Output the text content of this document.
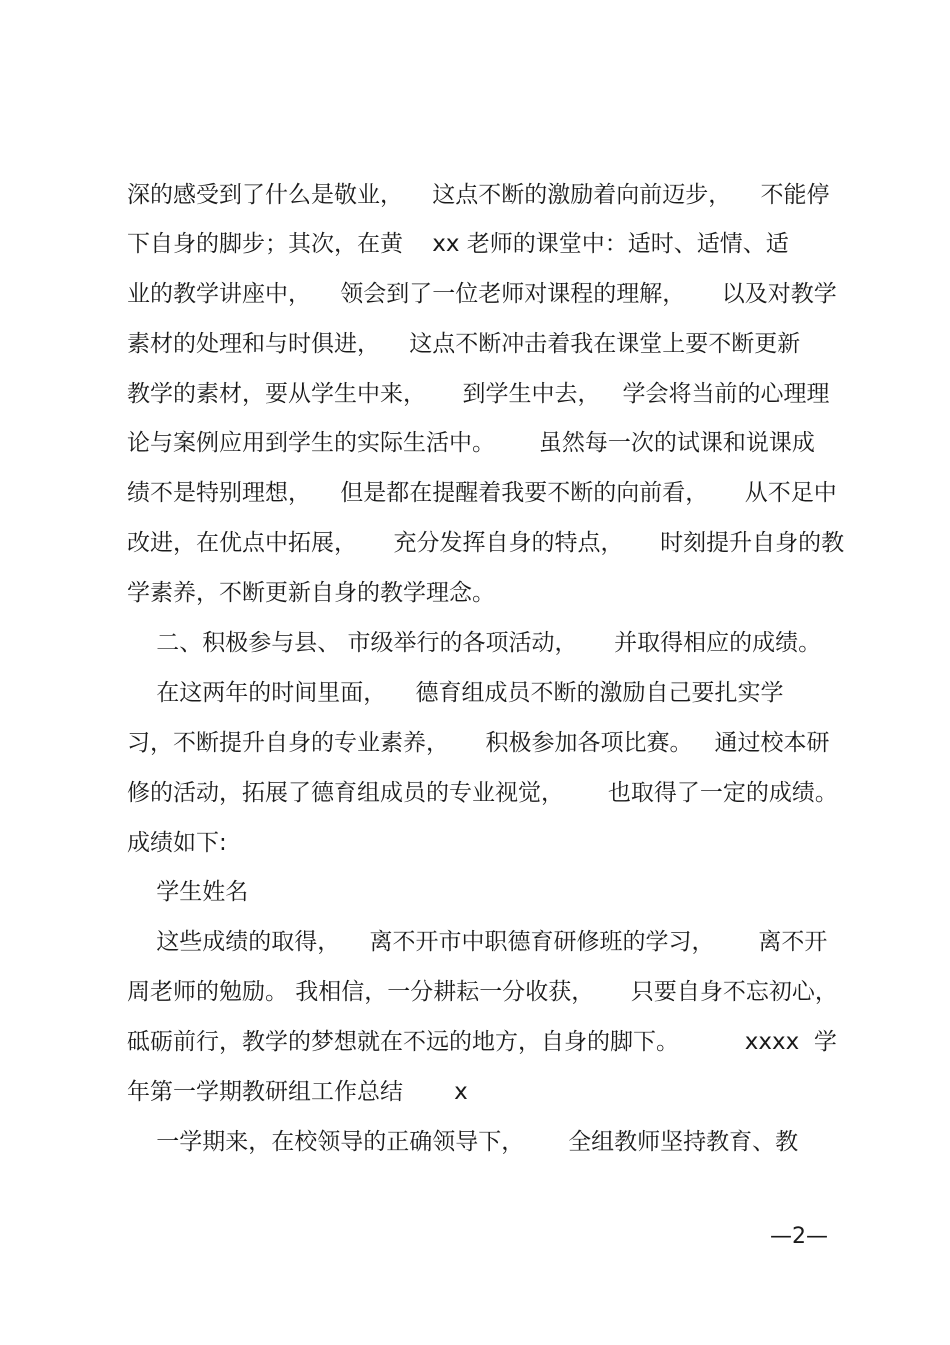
深的感受到了什么是敬业，    这点不断的激励着向前迈步，    不能停
下自身的脚步；其次，在黄    xx 老师的课堂中：适时、适情、适
业的教学讲座中，    领会到了一位老师对课程的理解，     以及对教学
素材的处理和与时俱进，    这点不断冲击着我在课堂上要不断更新
教学的素材，要从学生中来，     到学生中去，   学会将当前的心理理
论与案例应用到学生的实际生活中。      虽然每一次的试课和说课成
绩不是特别理想，    但是都在提醒着我要不断的向前看，     从不足中
改进，在优点中拓展，     充分发挥自身的特点，     时刻提升自身的教
学素养，不断更新自身的教学理念。
二、积极参与县、 市级举行的各项活动，     并取得相应的成绩。
在这两年的时间里面，    德育组成员不断的激励自己要扎实学
习，不断提升自身的专业素养，     积极参加各项比赛。   通过校本研
修的活动，拓展了德育组成员的专业视觉，      也取得了一定的成绩。
成绩如下:
学生姓名
这些成绩的取得，    离不开市中职德育研修班的学习，      离不开
周老师的勉励。 我相信，一分耕耘一分收获，     只要自身不忘初心，
砥砺前行，教学的梦想就在不远的地方，自身的脚下。         xxxx  学
年第一学期教研组工作总结       x
一学期来，在校领导的正确领导下，      全组教师坚持教育、教
—2—
